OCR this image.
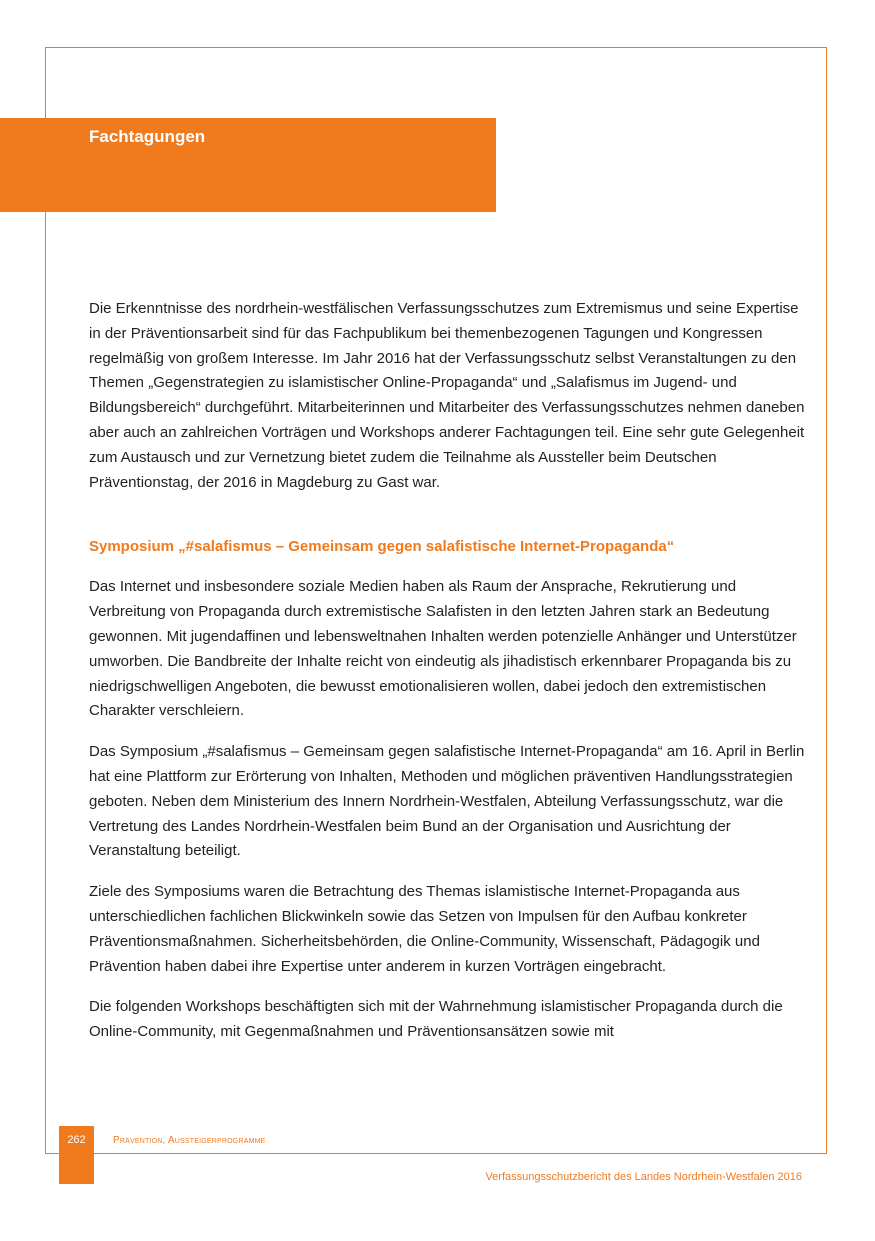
Fachtagungen

Die Erkenntnisse des nordrhein-westfälischen Verfassungsschutzes zum Extremismus und seine Expertise in der Präventionsarbeit sind für das Fachpublikum bei themenbezogenen Tagungen und Kongressen regelmäßig von großem Interesse. Im Jahr 2016 hat der Verfassungsschutz selbst Veranstaltungen zu den Themen „Gegenstrategien zu islamistischer Online-Propaganda“ und „Salafismus im Jugend- und Bildungsbereich“ durchgeführt. Mitarbeiterinnen und Mitarbeiter des Verfassungsschutzes nehmen daneben aber auch an zahlreichen Vorträgen und Workshops anderer Fachtagungen teil. Eine sehr gute Gelegenheit zum Austausch und zur Vernetzung bietet zudem die Teilnahme als Aussteller beim Deutschen Präventionstag, der 2016 in Magdeburg zu Gast war.

Symposium „#salafismus – Gemeinsam gegen salafistische Internet-Propaganda“

Das Internet und insbesondere soziale Medien haben als Raum der Ansprache, Rekrutierung und Verbreitung von Propaganda durch extremistische Salafisten in den letzten Jahren stark an Bedeutung gewonnen. Mit jugendaffinen und lebensweltnahen Inhalten werden potenzielle Anhänger und Unterstützer umworben. Die Bandbreite der Inhalte reicht von eindeutig als jihadistisch erkennbarer Propaganda bis zu niedrigschwelligen Angeboten, die bewusst emotionalisieren wollen, dabei jedoch den extremistischen Charakter verschleiern.

Das Symposium „#salafismus – Gemeinsam gegen salafistische Internet-Propaganda“ am 16. April in Berlin hat eine Plattform zur Erörterung von Inhalten, Methoden und möglichen präventiven Handlungsstrategien geboten. Neben dem Ministerium des Innern Nordrhein-Westfalen, Abteilung Verfassungsschutz, war die Vertretung des Landes Nordrhein-Westfalen beim Bund an der Organisation und Ausrichtung der Veranstaltung beteiligt.

Ziele des Symposiums waren die Betrachtung des Themas islamistische Internet-Propaganda aus unterschiedlichen fachlichen Blickwinkeln sowie das Setzen von Impulsen für den Aufbau konkreter Präventionsmaßnahmen. Sicherheitsbehörden, die Online-Community, Wissenschaft, Pädagogik und Prävention haben dabei ihre Expertise unter anderem in kurzen Vorträgen eingebracht.

Die folgenden Workshops beschäftigten sich mit der Wahrnehmung islamistischer Propaganda durch die Online-Community, mit Gegenmaßnahmen und Präventionsansätzen sowie mit

262	Prävention, Aussteigerprogramme
Verfassungsschutzbericht des Landes Nordrhein-Westfalen 2016
